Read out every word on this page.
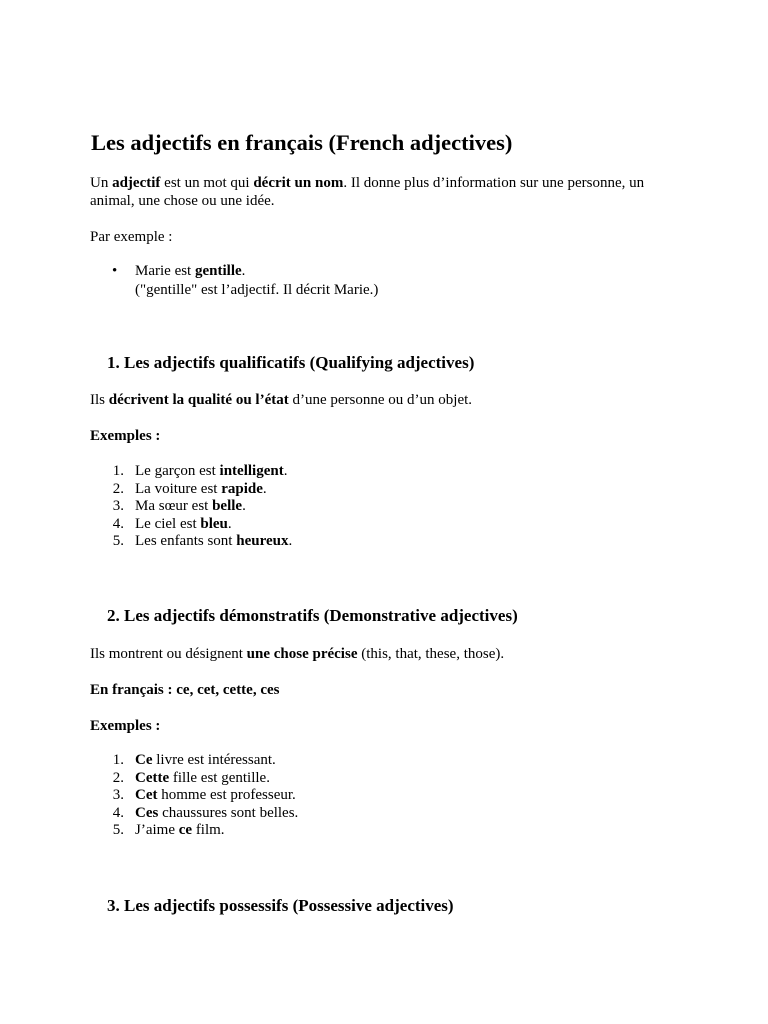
Les adjectifs en français (French adjectives)
Un adjectif est un mot qui décrit un nom. Il donne plus d’information sur une personne, un animal, une chose ou une idée.
Par exemple :
• Marie est gentille.
("gentille" est l’adjectif. Il décrit Marie.)
1. Les adjectifs qualificatifs (Qualifying adjectives)
Ils décrivent la qualité ou l’état d’une personne ou d’un objet.
Exemples :
1. Le garçon est intelligent.
2. La voiture est rapide.
3. Ma sœur est belle.
4. Le ciel est bleu.
5. Les enfants sont heureux.
2. Les adjectifs démonstratifs (Demonstrative adjectives)
Ils montrent ou désignent une chose précise (this, that, these, those).
En français : ce, cet, cette, ces
Exemples :
1. Ce livre est intéressant.
2. Cette fille est gentille.
3. Cet homme est professeur.
4. Ces chaussures sont belles.
5. J’aime ce film.
3. Les adjectifs possessifs (Possessive adjectives)
